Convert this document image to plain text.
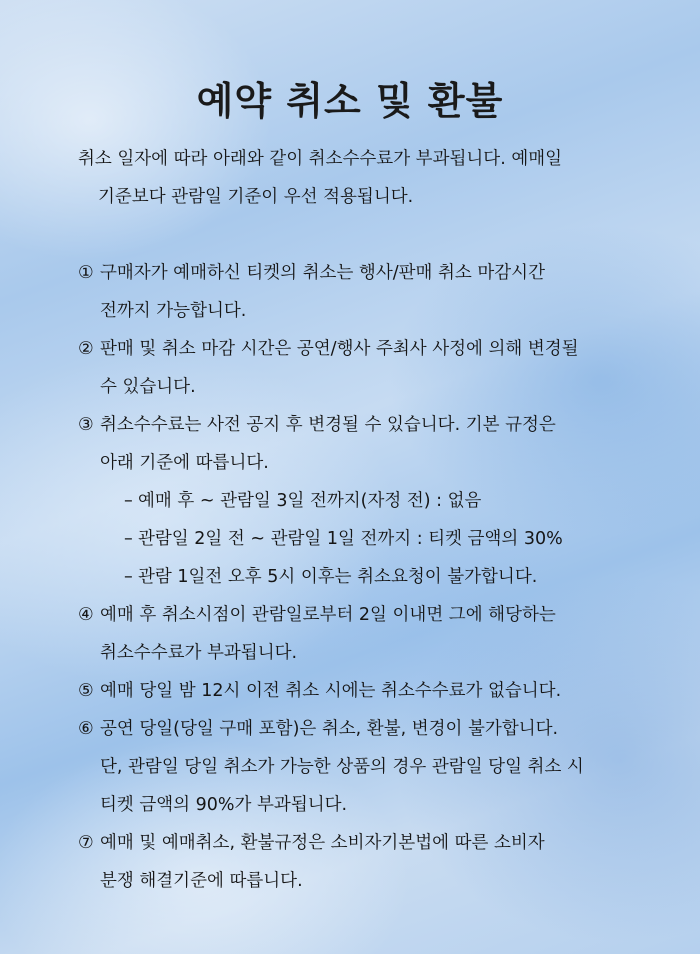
예약 취소 및 환불

취소 일자에 따라 아래와 같이 취소수수료가 부과됩니다. 예매일

기준보다 관람일 기준이 우선 적용됩니다.

① 구매자가 예매하신 티켓의 취소는 행사/판매 취소 마감시간

전까지 가능합니다.

② 판매 및 취소 마감 시간은 공연/행사 주최사 사정에 의해 변경될

수 있습니다.

③ 취소수수료는 사전 공지 후 변경될 수 있습니다. 기본 규정은

아래 기준에 따릅니다.

– 예매 후 ~ 관람일 3일 전까지(자정 전) : 없음
– 관람일 2일 전 ~ 관람일 1일 전까지 : 티켓 금액의 30%
– 관람 1일전 오후 5시 이후는 취소요청이 불가합니다.
④ 예매 후 취소시점이 관람일로부터 2일 이내면 그에 해당하는

취소수수료가 부과됩니다.

⑤ 예매 당일 밤 12시 이전 취소 시에는 취소수수료가 없습니다.

⑥ 공연 당일(당일 구매 포함)은 취소, 환불, 변경이 불가합니다.

단, 관람일 당일 취소가 가능한 상품의 경우 관람일 당일 취소 시

티켓 금액의 90%가 부과됩니다.

⑦ 예매 및 예매취소, 환불규정은 소비자기본법에 따른 소비자

분쟁 해결기준에 따릅니다.
